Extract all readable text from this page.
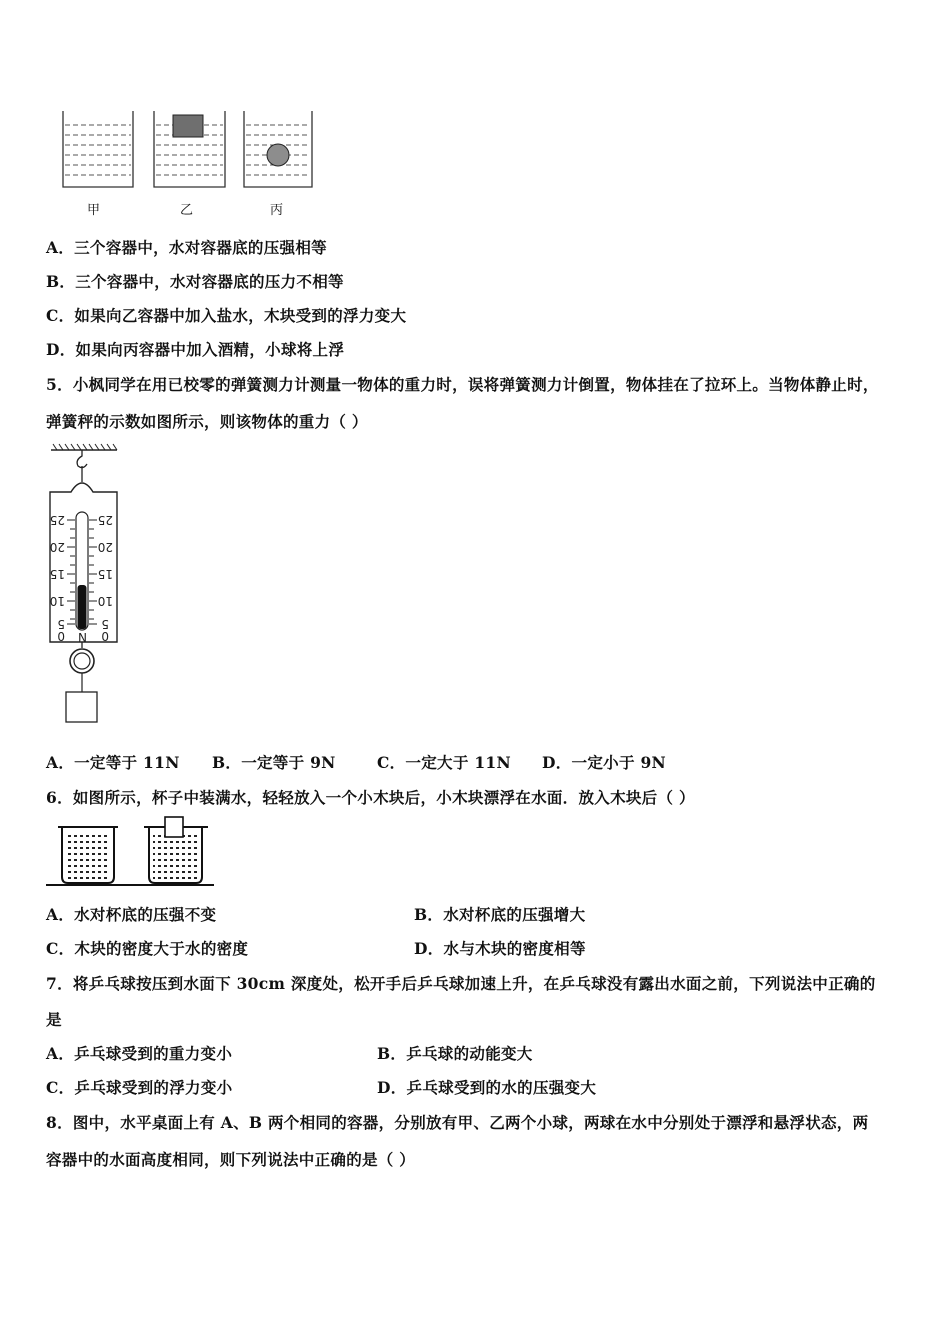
甲	乙	丙
A．三个容器中，水对容器底的压强相等
B．三个容器中，水对容器底的压力不相等
C．如果向乙容器中加入盐水，木块受到的浮力变大
D．如果向丙容器中加入酒精，小球将上浮
5．小枫同学在用已校零的弹簧测力计测量一物体的重力时，误将弹簧测力计倒置，物体挂在了拉环上。当物体静止时，
弹簧秤的示数如图所示，则该物体的重力（ ）
25
20
15
10
5
0
25
20
15
10
5
0
N
A．一定等于 11N B．一定等于 9N	C．一定大于 11N D．一定小于 9N
6．如图所示，杯子中装满水，轻轻放入一个小木块后，小木块漂浮在水面．放入木块后（ ）
A．水对杯底的压强不变	B．水对杯底的压强增大
C．木块的密度大于水的密度	D．水与木块的密度相等
7．将乒乓球按压到水面下 30cm 深度处，松开手后乒乓球加速上升，在乒乓球没有露出水面之前，下列说法中正确的
是
A．乒乓球受到的重力变小	B．乒乓球的动能变大
C．乒乓球受到的浮力变小	D．乒乓球受到的水的压强变大
8．图中，水平桌面上有 A、B 两个相同的容器，分别放有甲、乙两个小球，两球在水中分别处于漂浮和悬浮状态，两
容器中的水面高度相同，则下列说法中正确的是（ ）
